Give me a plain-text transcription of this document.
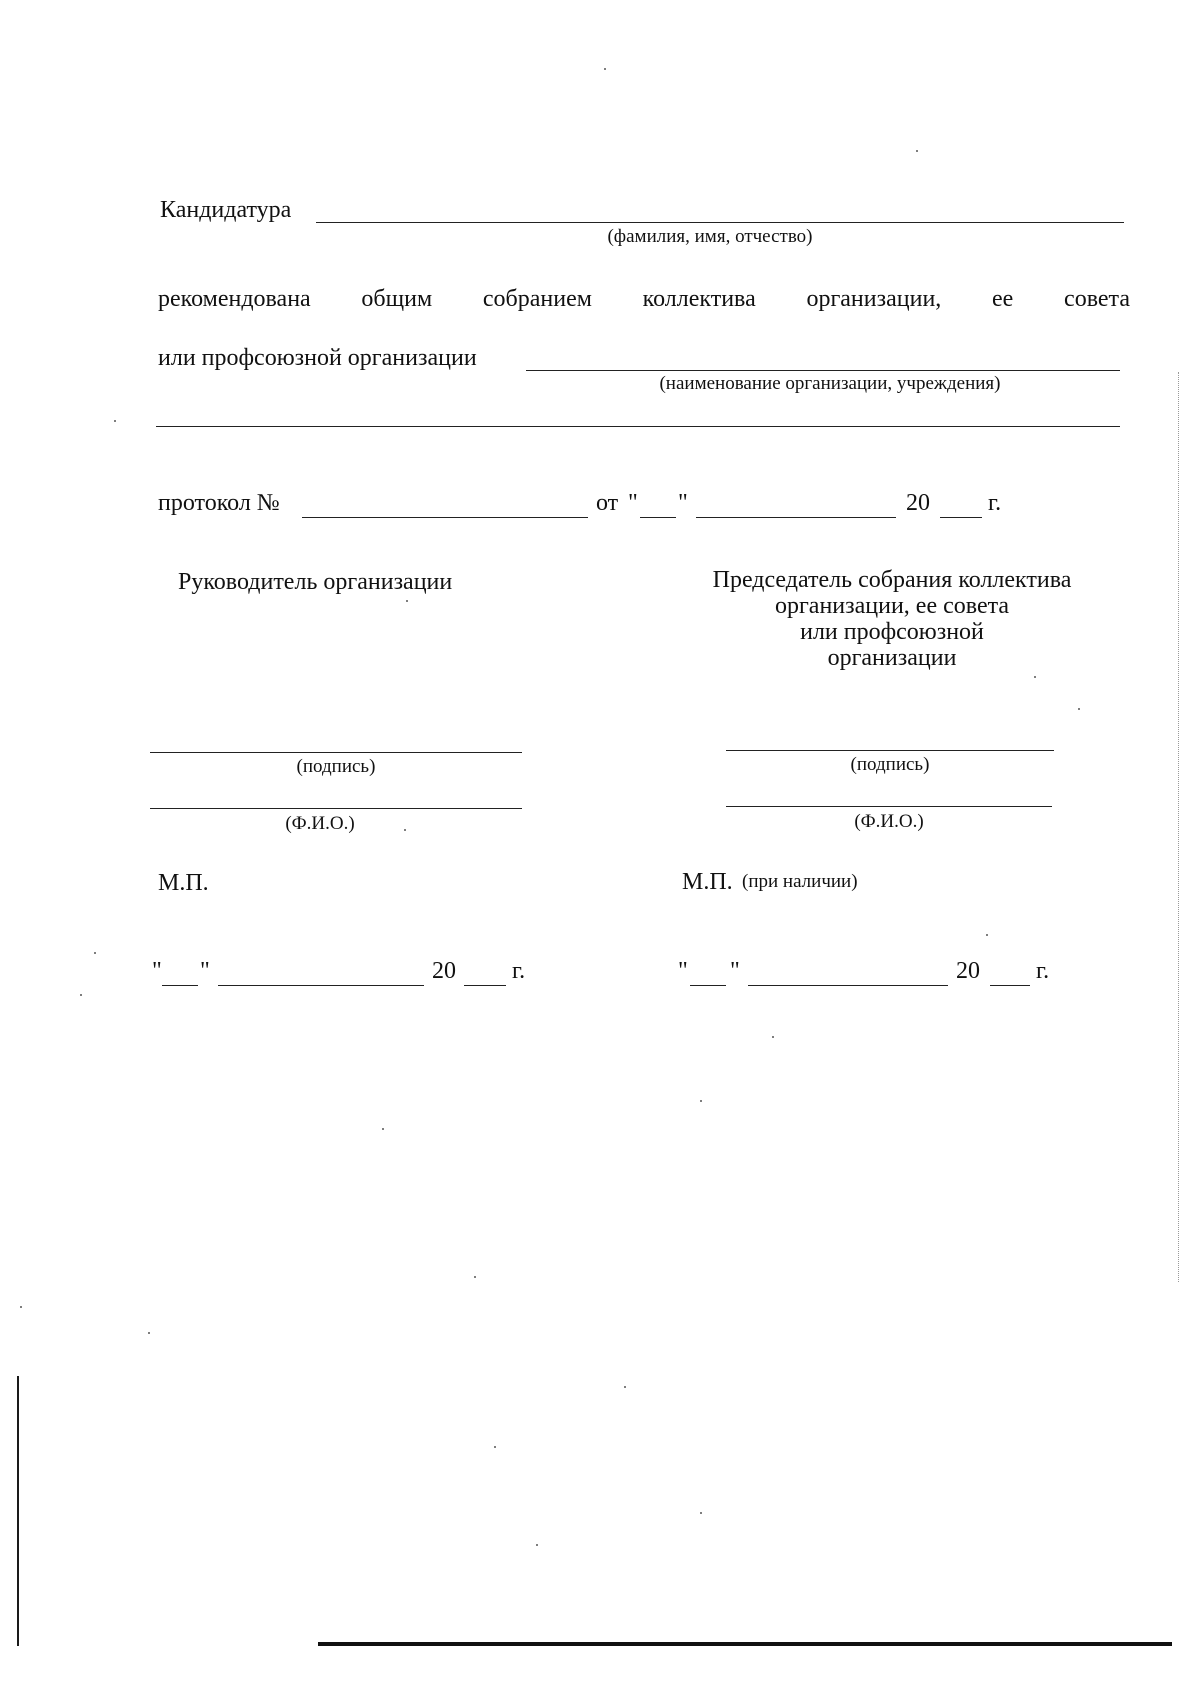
Кандидатура
(фамилия, имя, отчество)
рекомендована общим собранием коллектива организации, ее совета
или профсоюзной организации
(наименование организации, учреждения)
протокол №	от " "	20 г.
Руководитель организации
(подпись)
(Ф.И.О.)
М.П.
" "	20 г.
Председатель собрания коллектива
организации, ее совета
или профсоюзной
организации
(подпись)
(Ф.И.О.)
М.П. (при наличии)
" "	20 г.
